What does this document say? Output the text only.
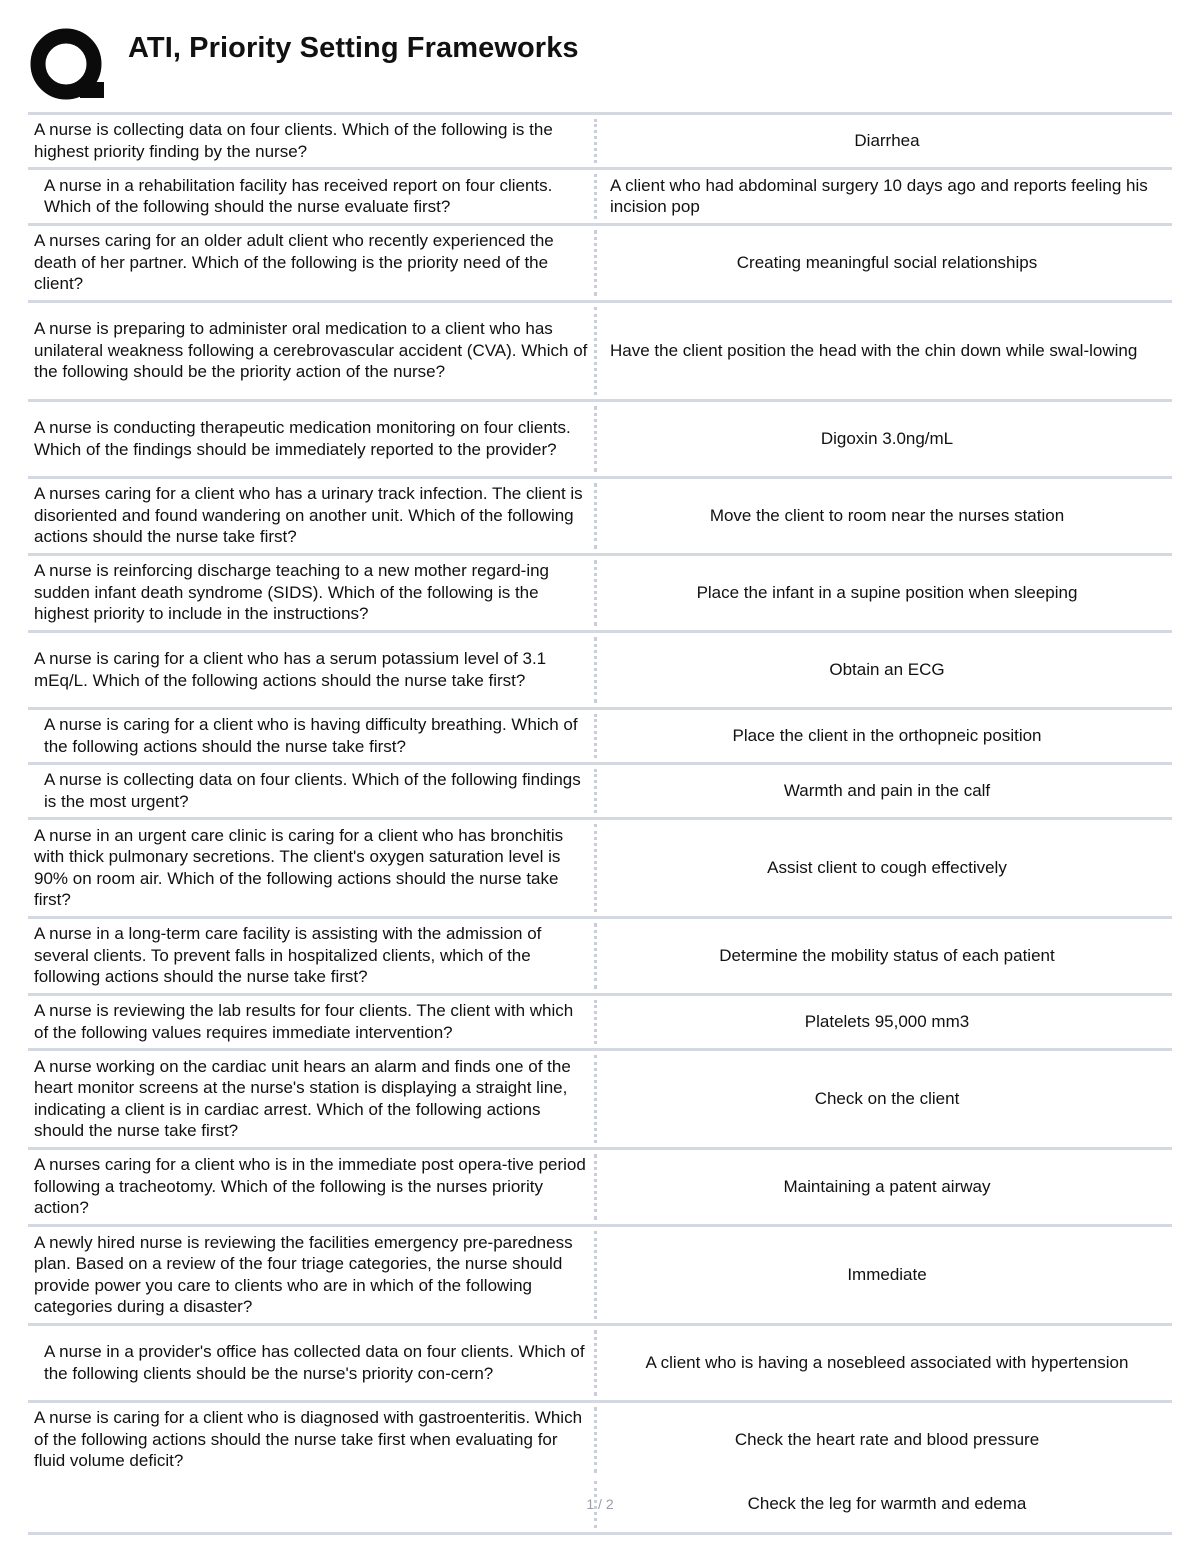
ATI, Priority Setting Frameworks
A nurse is collecting data on four clients. Which of the following is the highest priority finding by the nurse?
Diarrhea
A nurse in a rehabilitation facility has received report on four clients. Which of the following should the nurse evaluate first?
A client who had abdominal surgery 10 days ago and reports feeling his incision pop
A nurses caring for an older adult client who recently experienced the death of her partner. Which of the following is the priority need of the client?
Creating meaningful social relationships
A nurse is preparing to administer oral medication to a client who has unilateral weakness following a cerebrovascular accident (CVA). Which of the following should be the priority action of the nurse?
Have the client position the head with the chin down while swal-lowing
A nurse is conducting therapeutic medication monitoring on four clients. Which of the findings should be immediately reported to the provider?
Digoxin 3.0ng/mL
A nurses caring for a client who has a urinary track infection. The client is disoriented and found wandering on another unit. Which of the following actions should the nurse take first?
Move the client to room near the nurses station
A nurse is reinforcing discharge teaching to a new mother regard-ing sudden infant death syndrome (SIDS). Which of the following is the highest priority to include in the instructions?
Place the infant in a supine position when sleeping
A nurse is caring for a client who has a serum potassium level of 3.1 mEq/L. Which of the following actions should the nurse take first?
Obtain an ECG
A nurse is caring for a client who is having difficulty breathing. Which of the following actions should the nurse take first?
Place the client in the orthopneic position
A nurse is collecting data on four clients. Which of the following findings is the most urgent?
Warmth and pain in the calf
A nurse in an urgent care clinic is caring for a client who has bronchitis with thick pulmonary secretions. The client's oxygen saturation level is 90% on room air. Which of the following actions should the nurse take first?
Assist client to cough effectively
A nurse in a long-term care facility is assisting with the admission of several clients. To prevent falls in hospitalized clients, which of the following actions should the nurse take first?
Determine the mobility status of each patient
A nurse is reviewing the lab results for four clients. The client with which of the following values requires immediate intervention?
Platelets 95,000 mm3
A nurse working on the cardiac unit hears an alarm and finds one of the heart monitor screens at the nurse's station is displaying a straight line, indicating a client is in cardiac arrest. Which of the following actions should the nurse take first?
Check on the client
A nurses caring for a client who is in the immediate post opera-tive period following a tracheotomy. Which of the following is the nurses priority action?
Maintaining a patent airway
A newly hired nurse is reviewing the facilities emergency pre-paredness plan. Based on a review of the four triage categories, the nurse should provide power you care to clients who are in which of the following categories during a disaster?
Immediate
A nurse in a provider's office has collected data on four clients. Which of the following clients should be the nurse's priority con-cern?
A client who is having a nosebleed associated with hypertension
A nurse is caring for a client who is diagnosed with gastroenteritis. Which of the following actions should the nurse take first when evaluating for fluid volume deficit?
Check the heart rate and blood pressure
Check the leg for warmth and edema
1 / 2
